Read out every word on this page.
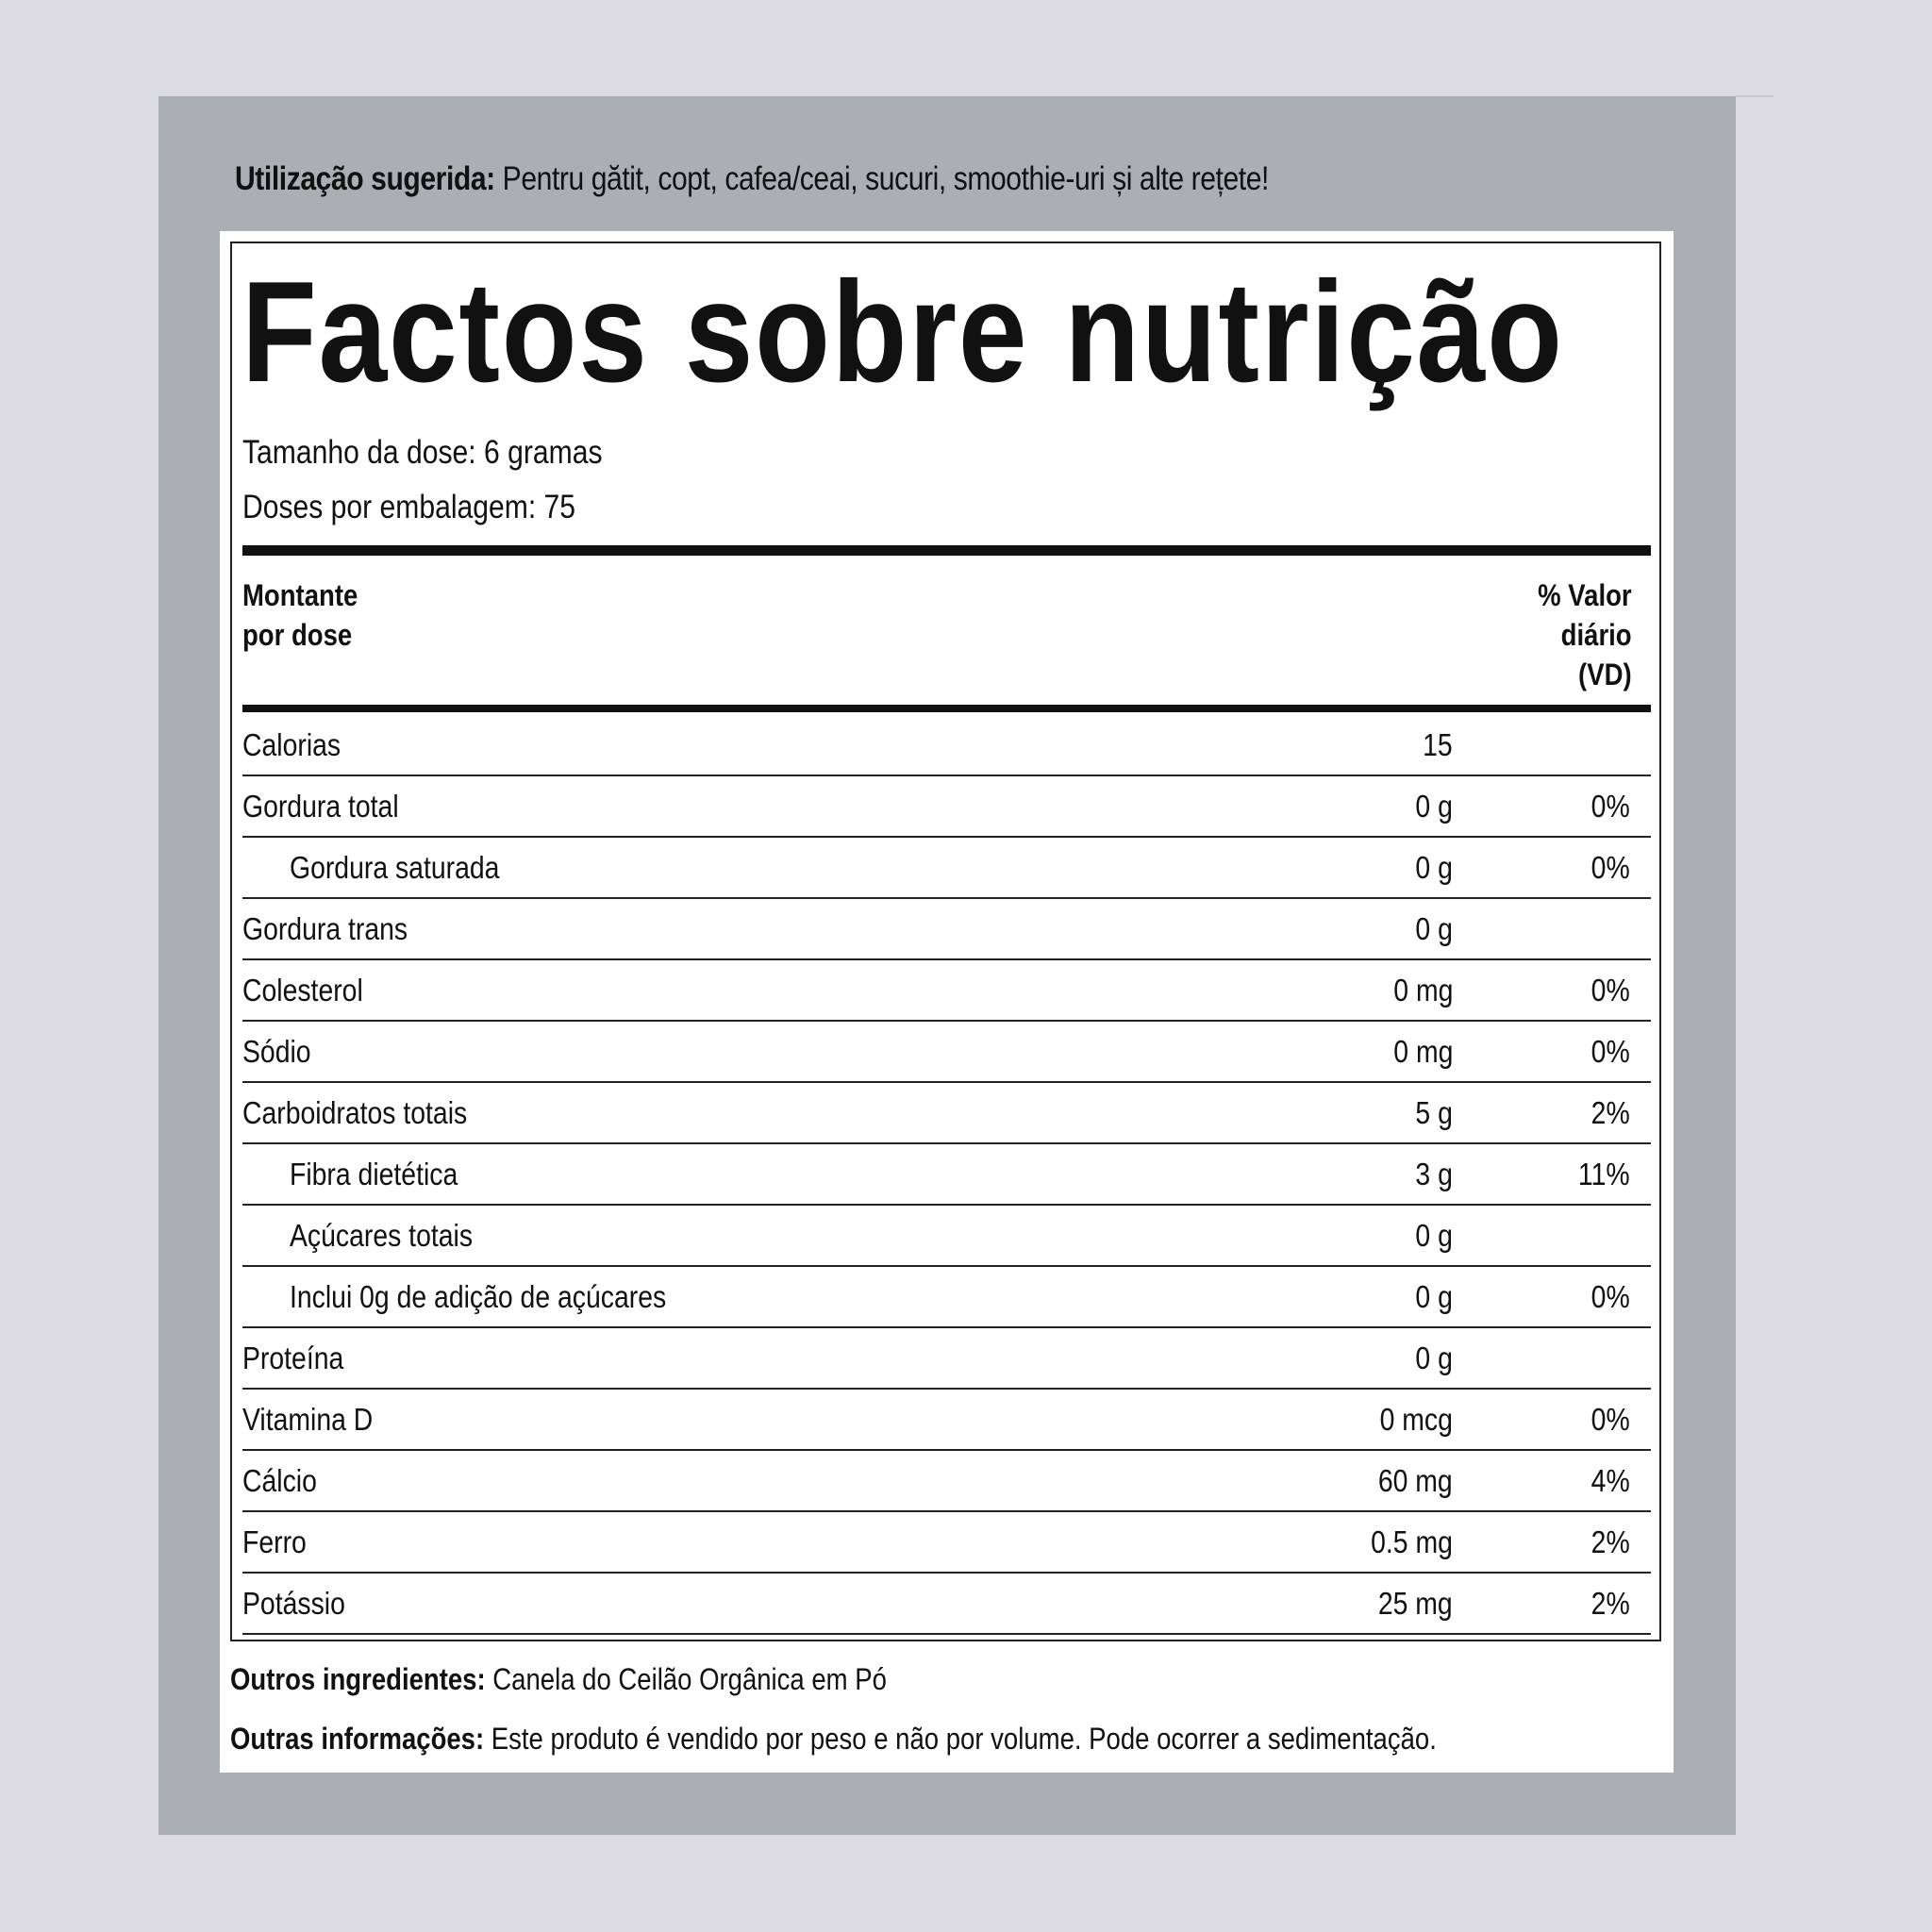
Utilização sugerida: Pentru gătit, copt, cafea/ceai, sucuri, smoothie-uri și alte rețete!
Factos sobre nutrição
Tamanho da dose: 6 gramas
Doses por embalagem: 75
Montante
por dose
% Valor
diário
(VD)
Calorias	15
Gordura total	0 g	0%
Gordura saturada	0 g	0%
Gordura trans	0 g
Colesterol	0 mg	0%
Sódio	0 mg	0%
Carboidratos totais	5 g	2%
Fibra dietética	3 g	11%
Açúcares totais	0 g
Inclui 0g de adição de açúcares	0 g	0%
Proteína	0 g
Vitamina D	0 mcg	0%
Cálcio	60 mg	4%
Ferro	0.5 mg	2%
Potássio	25 mg	2%
Outros ingredientes: Canela do Ceilão Orgânica em Pó
Outras informações: Este produto é vendido por peso e não por volume. Pode ocorrer a sedimentação.
